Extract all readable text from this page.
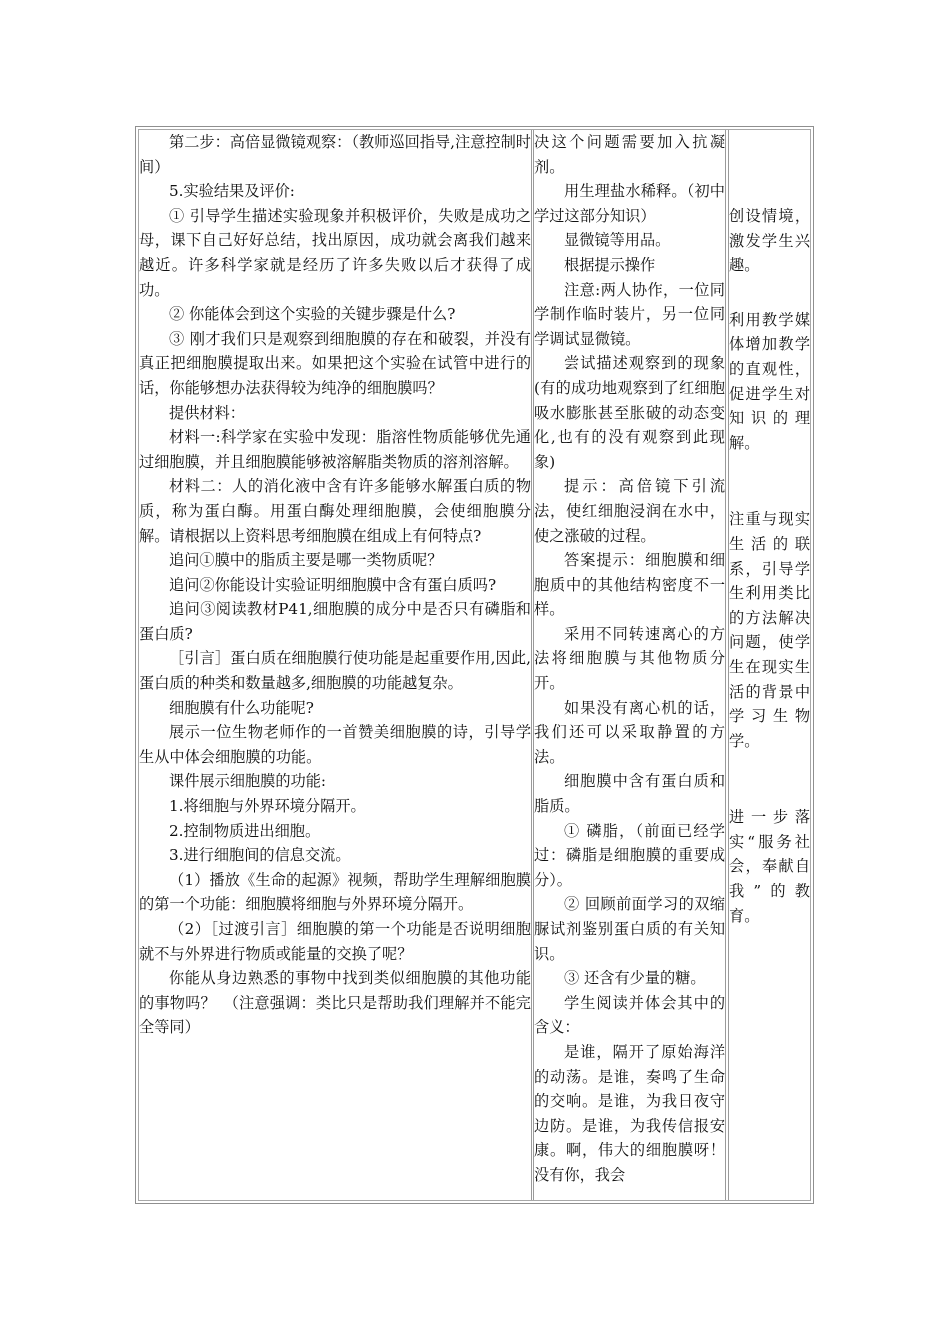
第二步：高倍显微镜观察：（教师巡回指导,注意控制时间）

5.实验结果及评价:

① 引导学生描述实验现象并积极评价，失败是成功之母，课下自己好好总结，找出原因，成功就会离我们越来越近。许多科学家就是经历了许多失败以后才获得了成功。

② 你能体会到这个实验的关键步骤是什么?

③ 刚才我们只是观察到细胞膜的存在和破裂，并没有真正把细胞膜提取出来。如果把这个实验在试管中进行的话，你能够想办法获得较为纯净的细胞膜吗？

提供材料：

材料一:科学家在实验中发现：脂溶性物质能够优先通过细胞膜，并且细胞膜能够被溶解脂类物质的溶剂溶解。

材料二：人的消化液中含有许多能够水解蛋白质的物质，称为蛋白酶。用蛋白酶处理细胞膜，会使细胞膜分解。请根据以上资料思考细胞膜在组成上有何特点?

追问①膜中的脂质主要是哪一类物质呢？

追问②你能设计实验证明细胞膜中含有蛋白质吗?

追问③阅读教材P41,细胞膜的成分中是否只有磷脂和蛋白质?

［引言］蛋白质在细胞膜行使功能是起重要作用,因此,蛋白质的种类和数量越多,细胞膜的功能越复杂。

细胞膜有什么功能呢?

展示一位生物老师作的一首赞美细胞膜的诗，引导学生从中体会细胞膜的功能。

课件展示细胞膜的功能:

1.将细胞与外界环境分隔开。

2.控制物质进出细胞。

3.进行细胞间的信息交流。

（1）播放《生命的起源》视频，帮助学生理解细胞膜的第一个功能：细胞膜将细胞与外界环境分隔开。

（2）［过渡引言］细胞膜的第一个功能是否说明细胞就不与外界进行物质或能量的交换了呢？

你能从身边熟悉的事物中找到类似细胞膜的其他功能的事物吗？　（注意强调：类比只是帮助我们理解并不能完全等同）

决这个问题需要加入抗凝剂。

用生理盐水稀释。（初中学过这部分知识）

显微镜等用品。

根据提示操作

注意:两人协作，一位同学制作临时装片，另一位同学调试显微镜。

尝试描述观察到的现象(有的成功地观察到了红细胞吸水膨胀甚至胀破的动态变化,也有的没有观察到此现象)

提示：高倍镜下引流法，使红细胞浸润在水中，使之涨破的过程。

答案提示：细胞膜和细胞质中的其他结构密度不一样。

采用不同转速离心的方法将细胞膜与其他物质分开。

如果没有离心机的话，我们还可以采取静置的方法。

细胞膜中含有蛋白质和脂质。

① 磷脂，（前面已经学过：磷脂是细胞膜的重要成分）。

② 回顾前面学习的双缩脲试剂鉴别蛋白质的有关知识。

③ 还含有少量的糖。

学生阅读并体会其中的含义：

是谁，隔开了原始海洋的动荡。是谁，奏鸣了生命的交响。是谁，为我日夜守边防。是谁，为我传信报安康。啊，伟大的细胞膜呀！没有你，我会

创设情境，激发学生兴趣。

利用教学媒体增加教学的直观性，促进学生对知识的理解。

注重与现实生活的联系，引导学生利用类比的方法解决问题，使学生在现实生活的背景中学习生物学。

进一步落实“服务社会，奉献自我”的教育。
